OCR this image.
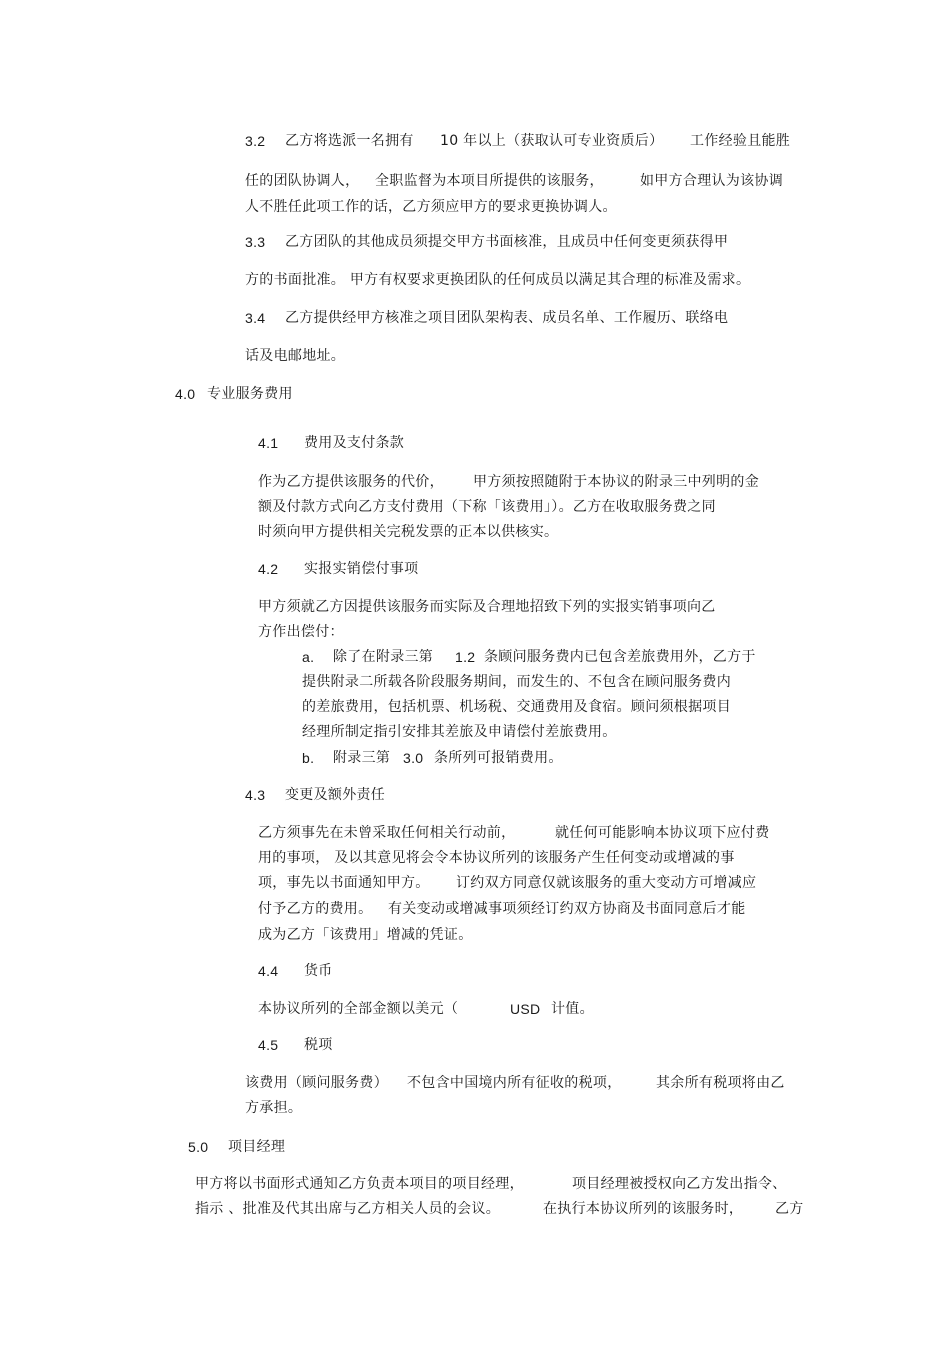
3.2 乙方将选派一名拥有 10 年以上（获取认可专业资质后） 工作经验且能胜
任的团队协调人， 全职监督为本项目所提供的该服务，	如甲方合理认为该协调
人不胜任此项工作的话，乙方须应甲方的要求更换协调人。
3.3 乙方团队的其他成员须提交甲方书面核准，且成员中任何变更须获得甲
方的书面批准。 甲方有权要求更换团队的任何成员以满足其合理的标准及需求。
3.4 乙方提供经甲方核准之项目团队架构表、成员名单、工作履历、联络电
话及电邮地址。
4.0 专业服务费用
4.1 费用及支付条款
作为乙方提供该服务的代价， 甲方须按照随附于本协议的附录三中列明的金
额及付款方式向乙方支付费用（下称「该费用」）。乙方在收取服务费之同
时须向甲方提供相关完税发票的正本以供核实。
4.2 实报实销偿付事项
甲方须就乙方因提供该服务而实际及合理地招致下列的实报实销事项向乙
方作出偿付：
a. 除了在附录三第 1.2 条顾问服务费内已包含差旅费用外，乙方于
提供附录二所载各阶段服务期间，而发生的、不包含在顾问服务费内
的差旅费用，包括机票、机场税、交通费用及食宿。顾问须根据项目
经理所制定指引安排其差旅及申请偿付差旅费用。
b. 附录三第 3.0 条所列可报销费用。
4.3 变更及额外责任
乙方须事先在未曾采取任何相关行动前，	就任何可能影响本协议项下应付费
用的事项， 及以其意见将会令本协议所列的该服务产生任何变动或增减的事
项，事先以书面通知甲方。 订约双方同意仅就该服务的重大变动方可增减应
付予乙方的费用。 有关变动或增减事项须经订约双方协商及书面同意后才能
成为乙方「该费用」增减的凭证。
4.4 货币
本协议所列的全部金额以美元（	USD 计值。
4.5 税项
该费用（顾问服务费） 不包含中国境内所有征收的税项， 其余所有税项将由乙
方承担。
5.0 项目经理
甲方将以书面形式通知乙方负责本项目的项目经理，	项目经理被授权向乙方发出指令、
指示 、批准及代其出席与乙方相关人员的会议。	在执行本协议所列的该服务时， 乙方
